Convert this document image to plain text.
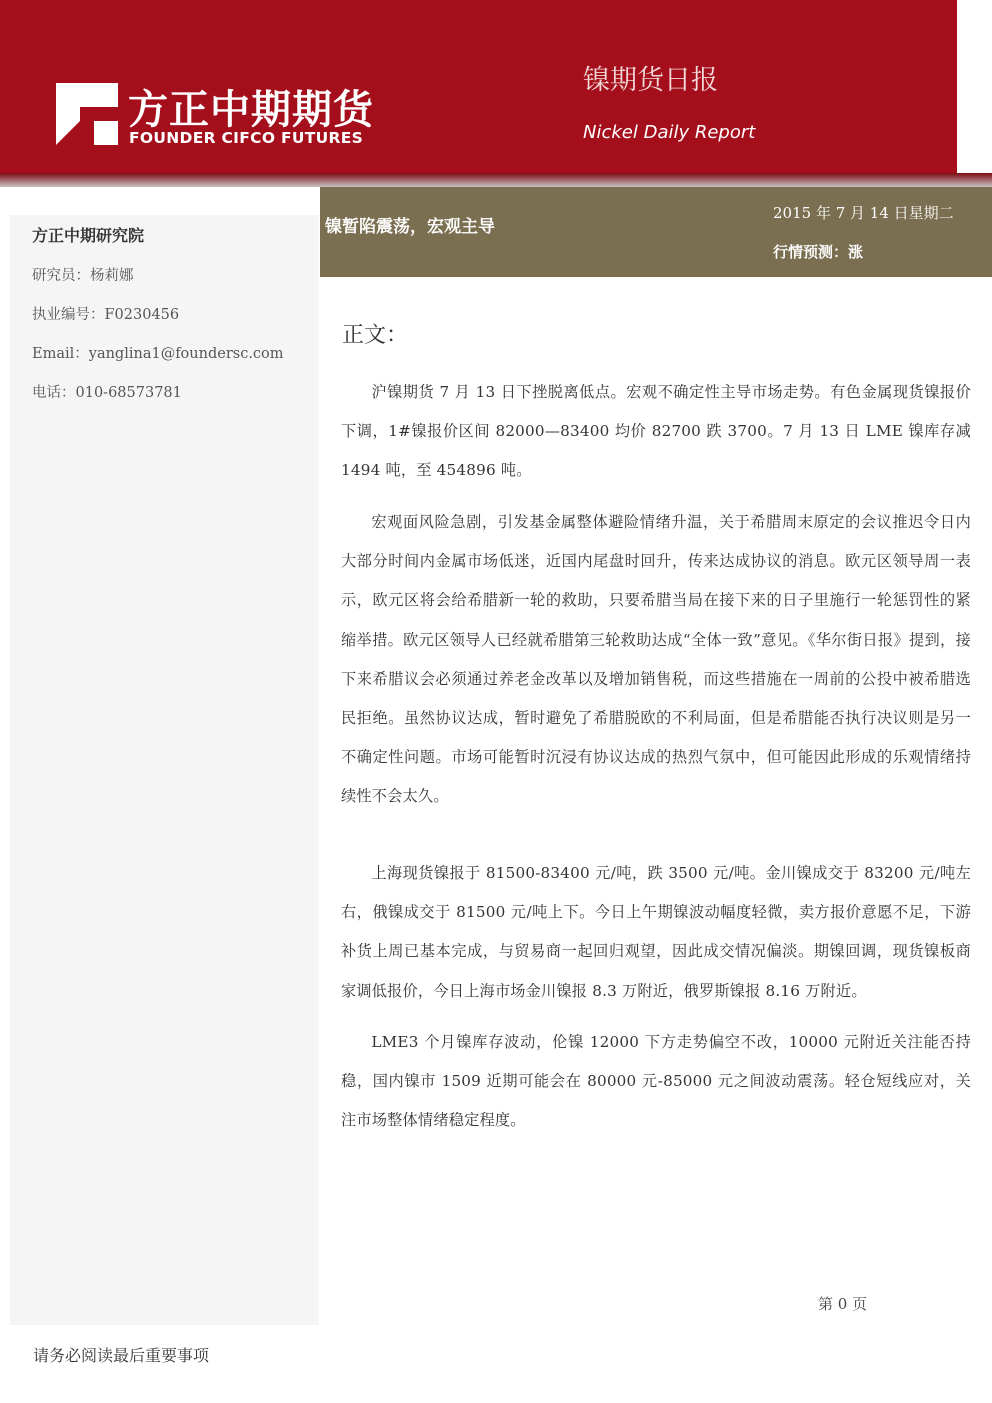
方正中期期货
FOUNDER CIFCO FUTURES
镍期货日报
Nickel Daily Report
方正中期研究院
研究员：杨莉娜
执业编号：F0230456
Email：yanglina1@foundersc.com
电话：010-68573781
镍暂陷震荡，宏观主导
2015 年 7 月 14 日星期二
行情预测：涨
正文：

沪镍期货 7 月 13 日下挫脱离低点。宏观不确定性主导市场走势。有色金属现货镍报价下调，1#镍报价区间 82000—83400 均价 82700 跌 3700。7 月 13 日 LME 镍库存减 1494 吨，至 454896 吨。

宏观面风险急剧，引发基金属整体避险情绪升温，关于希腊周末原定的会议推迟令日内大部分时间内金属市场低迷，近国内尾盘时回升，传来达成协议的消息。欧元区领导周一表示，欧元区将会给希腊新一轮的救助，只要希腊当局在接下来的日子里施行一轮惩罚性的紧缩举措。欧元区领导人已经就希腊第三轮救助达成“全体一致”意见。《华尔街日报》提到，接下来希腊议会必须通过养老金改革以及增加销售税，而这些措施在一周前的公投中被希腊选民拒绝。虽然协议达成，暂时避免了希腊脱欧的不利局面，但是希腊能否执行决议则是另一不确定性问题。市场可能暂时沉浸有协议达成的热烈气氛中，但可能因此形成的乐观情绪持续性不会太久。

上海现货镍报于 81500-83400 元/吨，跌 3500 元/吨。金川镍成交于 83200 元/吨左右，俄镍成交于 81500 元/吨上下。今日上午期镍波动幅度轻微，卖方报价意愿不足，下游补货上周已基本完成，与贸易商一起回归观望，因此成交情况偏淡。期镍回调，现货镍板商家调低报价，今日上海市场金川镍报 8.3 万附近，俄罗斯镍报 8.16 万附近。

LME3 个月镍库存波动，伦镍 12000 下方走势偏空不改，10000 元附近关注能否持稳，国内镍市 1509 近期可能会在 80000 元-85000 元之间波动震荡。轻仓短线应对，关注市场整体情绪稳定程度。

第 0 页
请务必阅读最后重要事项
